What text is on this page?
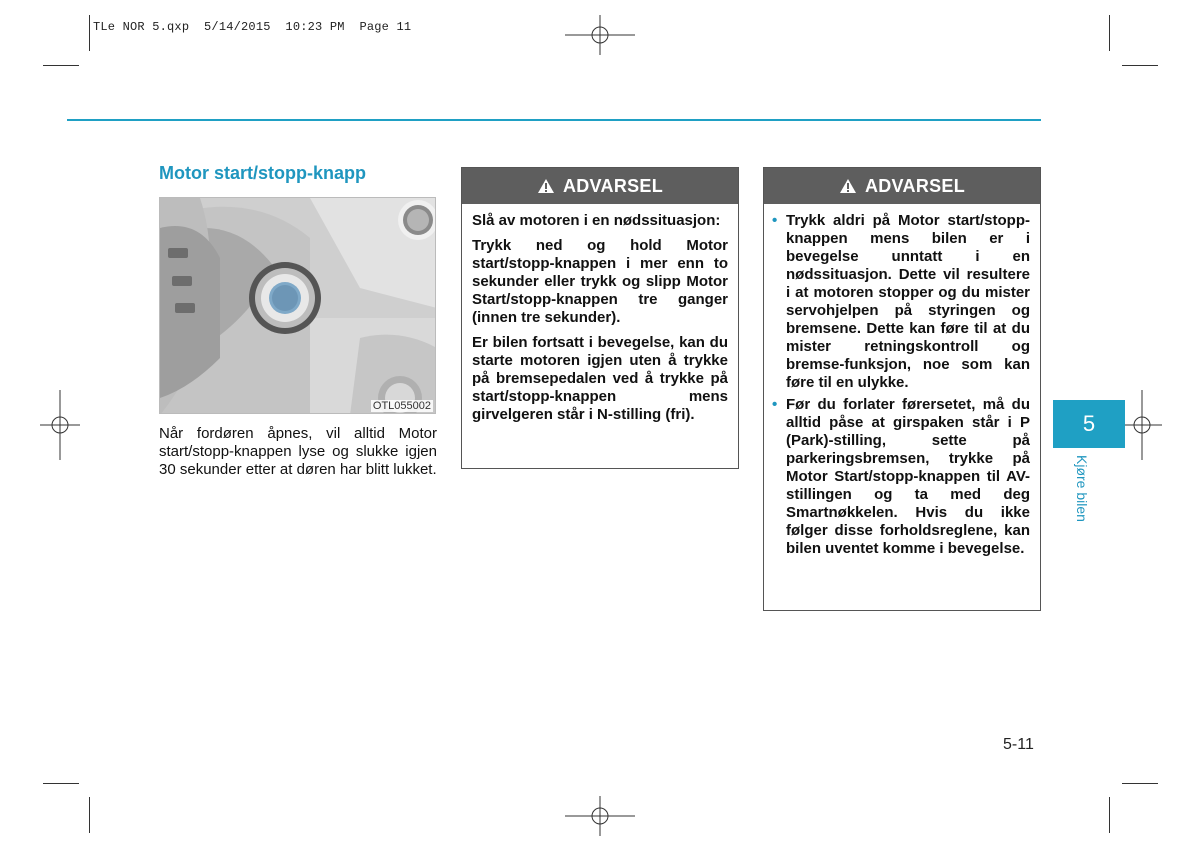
TLe NOR 5.qxp  5/14/2015  10:23 PM  Page 11
Motor start/stopp-knapp
OTL055002
Når fordøren åpnes, vil alltid Motor start/stopp-knappen lyse og slukke igjen 30 sekunder etter at døren har blitt lukket.
ADVARSEL

Slå av motoren i en nødssituasjon:

Trykk ned og hold Motor start/stopp-knappen i mer enn to sekunder eller trykk og slipp Motor Start/stopp-knappen tre ganger (innen tre sekunder).

Er bilen fortsatt i bevegelse, kan du starte motoren igjen uten å trykke på bremsepedalen ved å trykke på start/stopp-knappen mens girvelgeren står i N-stilling (fri).

ADVARSEL
• Trykk aldri på Motor start/stopp-knappen mens bilen er i bevegelse unntatt i en nødssituasjon. Dette vil resultere i at motoren stopper og du mister servohjelpen på styringen og bremsene. Dette kan føre til at du mister retningskontroll og bremse-funksjon, noe som kan føre til en ulykke.
• Før du forlater førersetet, må du alltid påse at girspaken står i P (Park)-stilling, sette på parkeringsbremsen, trykke på Motor Start/stopp-knappen til AV-stillingen og ta med deg Smartnøkkelen. Hvis du ikke følger disse forholdsreglene, kan bilen uventet komme i bevegelse.
5
Kjøre bilen
5-11
